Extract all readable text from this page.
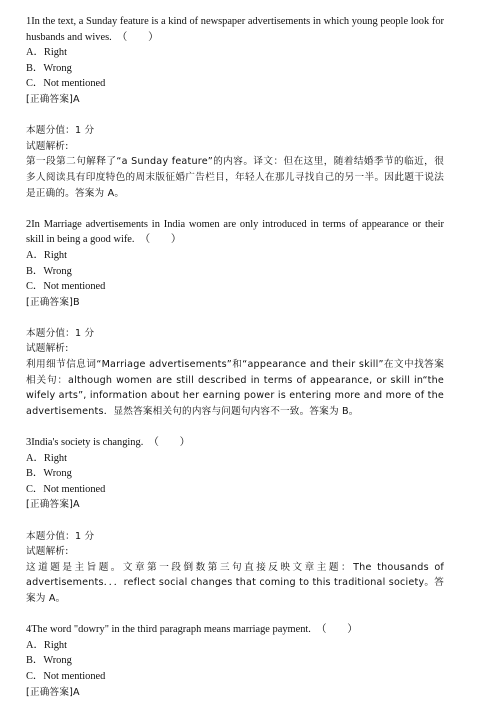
1In the text, a Sunday feature is a kind of newspaper advertisements in which young people look for husbands and wives.　（　　）
A．Right
B．Wrong
C．Not mentioned
[正确答案]A
本题分值：1 分
试题解析:
第一段第二句解释了“a Sunday feature”的内容。译文：但在这里，随着结婚季节的临近，很多人阅读具有印度特色的周末版征婚广告栏目，年轻人在那儿寻找自己的另一半。因此题干说法是正确的。答案为 A。
2In Marriage advertisements in India women are only introduced in terms of appearance or their skill in being a good wife.　（　　）
A．Right
B．Wrong
C．Not mentioned
[正确答案]B
本题分值：1 分
试题解析:
利用细节信息词“Marriage advertisements”和“appearance and their skill”在文中找答案相关句：although women are still described in terms of appearance, or skill in“the wifely arts”, information about her earning power is entering more and more of the advertisements．显然答案相关句的内容与问题句内容不一致。答案为 B。
3India's society is changing.　（　　）
A．Right
B．Wrong
C．Not mentioned
[正确答案]A
本题分值：1 分
试题解析:
这道题是主旨题。文章第一段倒数第三句直接反映文章主题：The thousands of advertisements．．．reflect social changes that coming to this traditional society。答案为 A。
4The word "dowry" in the third paragraph means marriage payment.　（　　）
A．Right
B．Wrong
C．Not mentioned
[正确答案]A
